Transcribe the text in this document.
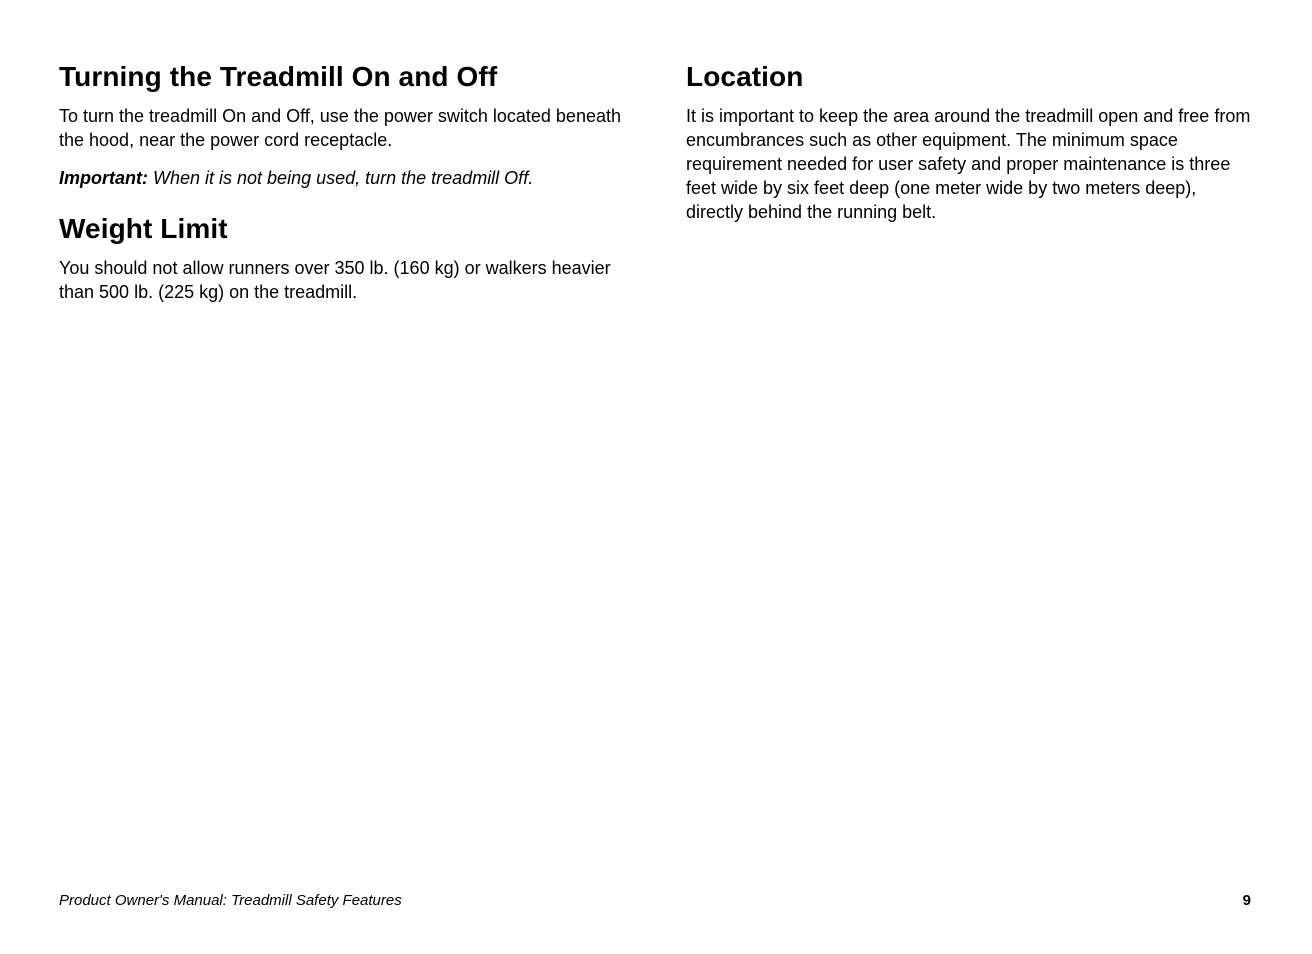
Turning the Treadmill On and Off

To turn the treadmill On and Off, use the power switch located beneath the hood, near the power cord receptacle.

Important: When it is not being used, turn the treadmill Off.

Weight Limit

You should not allow runners over 350 lb. (160 kg) or walkers heavier than 500 lb. (225 kg) on the treadmill.

Location

It is important to keep the area around the treadmill open and free from encumbrances such as other equipment. The minimum space requirement needed for user safety and proper maintenance is three feet wide by six feet deep (one meter wide by two meters deep), directly behind the running belt.

Product Owner's Manual: Treadmill Safety Features	9
